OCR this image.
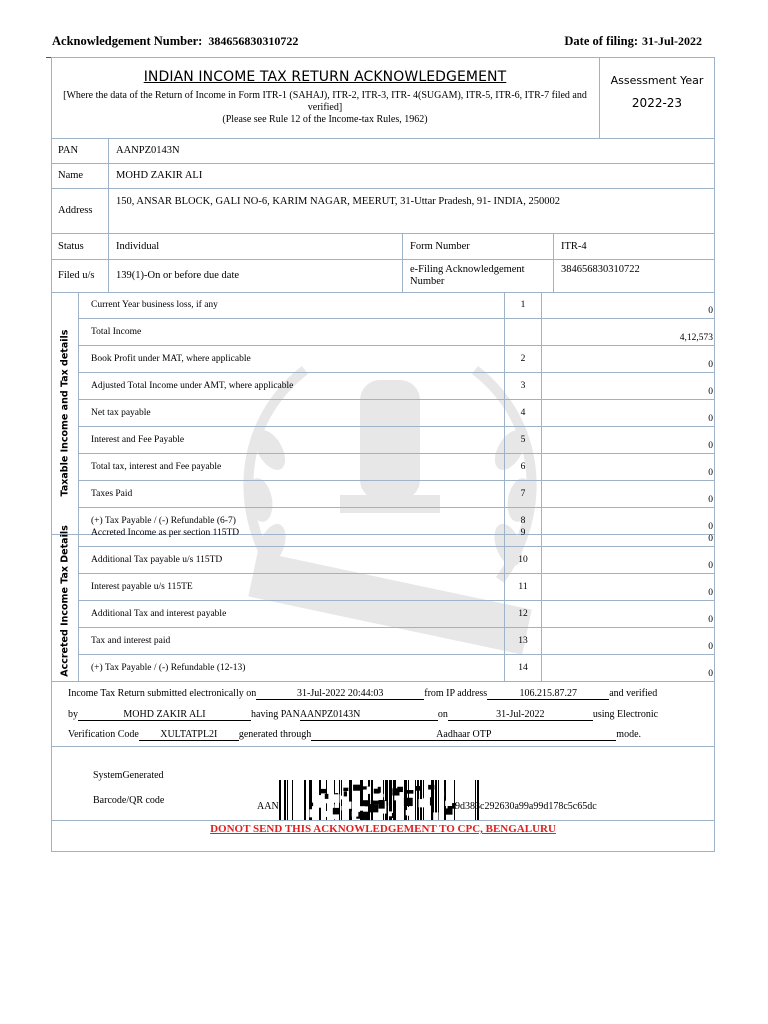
Acknowledgement Number: 384656830310722	Date of filing: 31-Jul-2022
INDIAN INCOME TAX RETURN ACKNOWLEDGEMENT
[Where the data of the Return of Income in Form ITR-1 (SAHAJ), ITR-2, ITR-3, ITR- 4(SUGAM), ITR-5, ITR-6, ITR-7 filed and verified]
(Please see Rule 12 of the Income-tax Rules, 1962)
Assessment Year
2022-23
PAN	AANPZ0143N		
Name	MOHD ZAKIR ALI		
Address	150, ANSAR BLOCK, GALI NO-6, KARIM NAGAR, MEERUT, 31-Uttar Pradesh, 91- INDIA, 250002		
Status	Individual	Form Number	ITR-4
Filed u/s	139(1)-On or before due date	e-Filing Acknowledgement Number	384656830310722
Taxable Income and Tax details	Current Year business loss, if any	1	0
	Total Income		4,12,573
	Book Profit under MAT, where applicable	2	0
	Adjusted Total Income under AMT, where applicable	3	0
	Net tax payable	4	0
	Interest and Fee Payable	5	0
	Total tax, interest and Fee payable	6	0
	Taxes Paid	7	0
	(+) Tax Payable / (-) Refundable (6-7)	8	0
Accreted Income Tax Details	Accreted Income as per section 115TD	9	0
	Additional Tax payable u/s 115TD	10	0
	Interest payable u/s 115TE	11	0
	Additional Tax and interest payable	12	0
	Tax and interest paid	13	0
	(+) Tax Payable / (-) Refundable (12-13)	14	0
Income Tax Return submitted electronically on	31-Jul-2022 20:44:03	from IP address	106.215.87.27	and verified
by	MOHD ZAKIR ALI	having PANAANPZ0143N	on	31-Jul-2022	using Electronic
Verification Code XULTATPL2I generated through	Aadhaar OTP	mode.
SystemGenerated
Barcode/QR code
AAN	9d383c292630a99a99d178c5c65dc
DONOT SEND THIS ACKNOWLEDGEMENT TO CPC, BENGALURU
